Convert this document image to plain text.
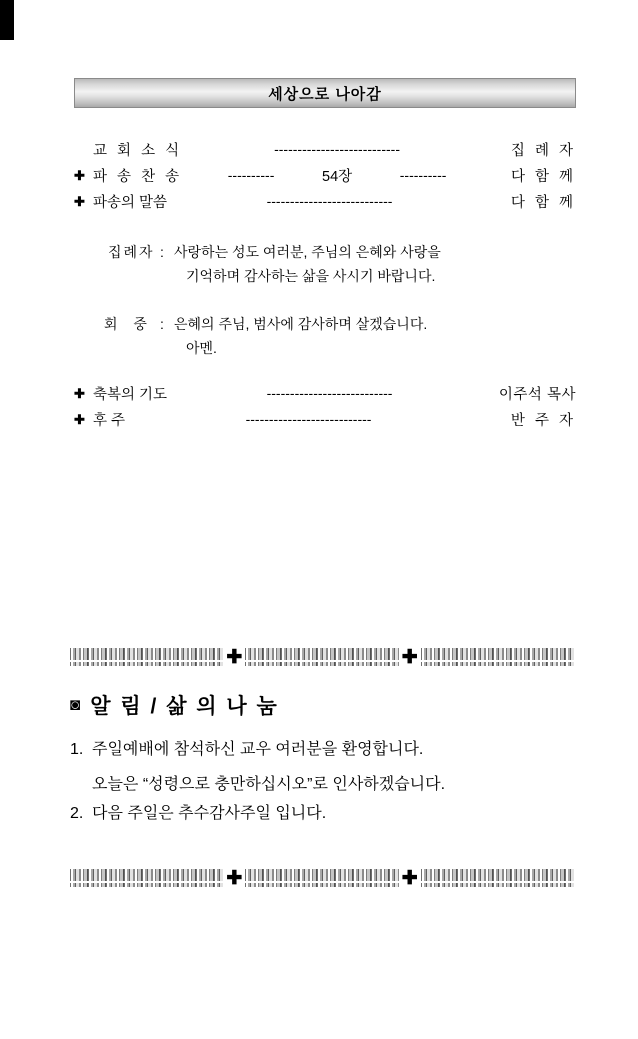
세상으로 나아감
교 회 소 식	---------------------------	집 례 자
✚ 파 송 찬 송	----------	54장	----------	다 함 께
✚ 파송의 말씀	---------------------------	다 함 께
집례자 : 사랑하는 성도 여러분, 주님의 은혜와 사랑을
기억하며 감사하는 삶을 사시기 바랍니다.
회 중 : 은혜의 주님, 범사에 감사하며 살겠습니다.
아멘.
✚ 축복의 기도	---------------------------	이주석 목사
✚ 후 주	---------------------------	반 주 자
✚	✚
◙ 알 림 / 삶 의 나 눔
1. 주일예배에 참석하신 교우 여러분을 환영합니다.
오늘은 “성령으로 충만하십시오”로 인사하겠습니다.
2. 다음 주일은 추수감사주일 입니다.
✚	✚
